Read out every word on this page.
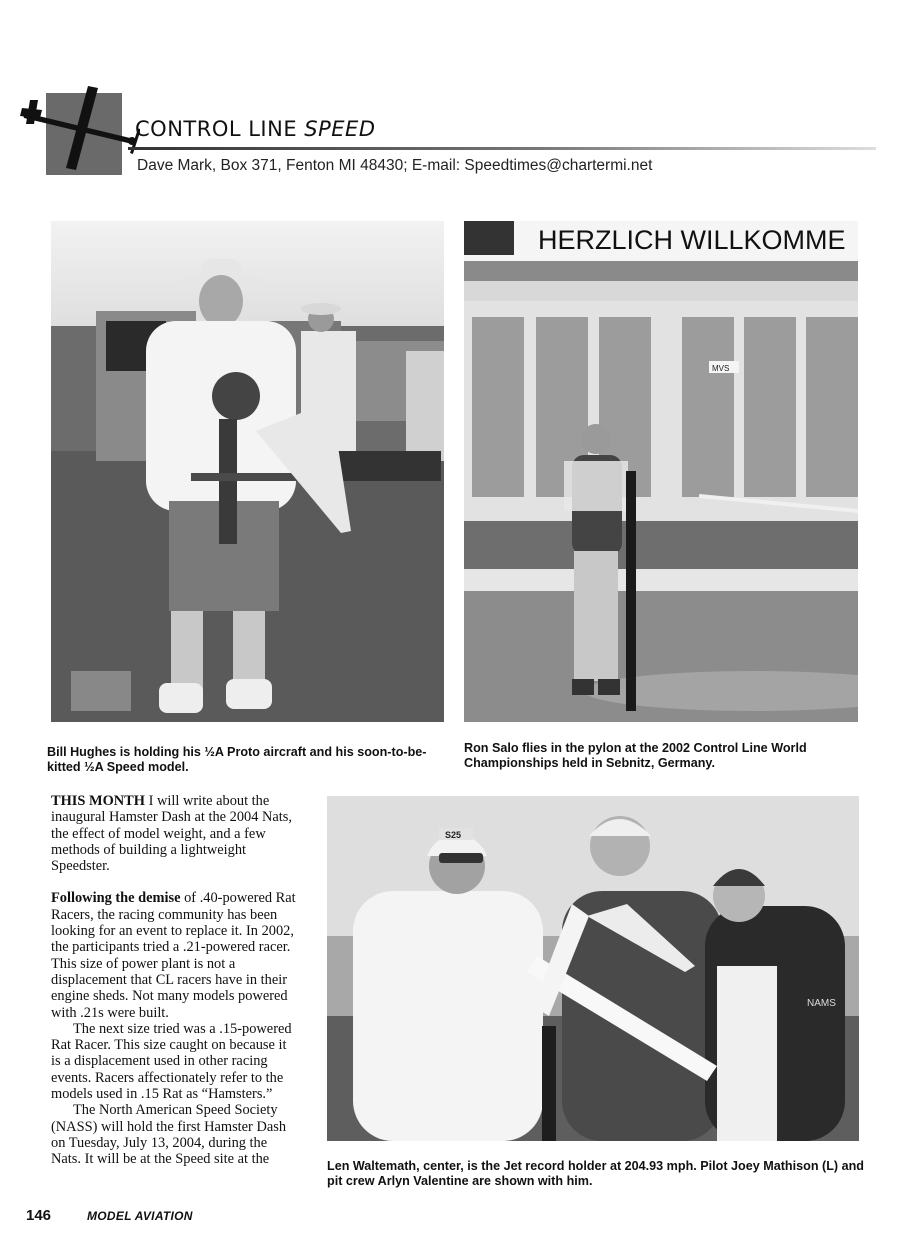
CONTROL LINE SPEED
Dave Mark, Box 371, Fenton MI 48430; E-mail: Speedtimes@chartermi.net
HERZLICH WILLKOMME
MVS
S25
NAMS
Bill Hughes is holding his ½A Proto aircraft and his soon-to-be-kitted ½A Speed model.
Ron Salo flies in the pylon at the 2002 Control Line World Championships held in Sebnitz, Germany.
Len Waltemath, center, is the Jet record holder at 204.93 mph. Pilot Joey Mathison (L) and pit crew Arlyn Valentine are shown with him.

THIS MONTH I will write about the inaugural Hamster Dash at the 2004 Nats, the effect of model weight, and a few methods of building a lightweight Speedster.

Following the demise of .40-powered Rat Racers, the racing community has been looking for an event to replace it. In 2002, the participants tried a .21-powered racer. This size of power plant is not a displacement that CL racers have in their engine sheds. Not many models powered with .21s were built.

The next size tried was a .15-powered Rat Racer. This size caught on because it is a displacement used in other racing events. Racers affectionately refer to the models used in .15 Rat as “Hamsters.”

The North American Speed Society (NASS) will hold the first Hamster Dash on Tuesday, July 13, 2004, during the Nats. It will be at the Speed site at the

146	MODEL AVIATION
